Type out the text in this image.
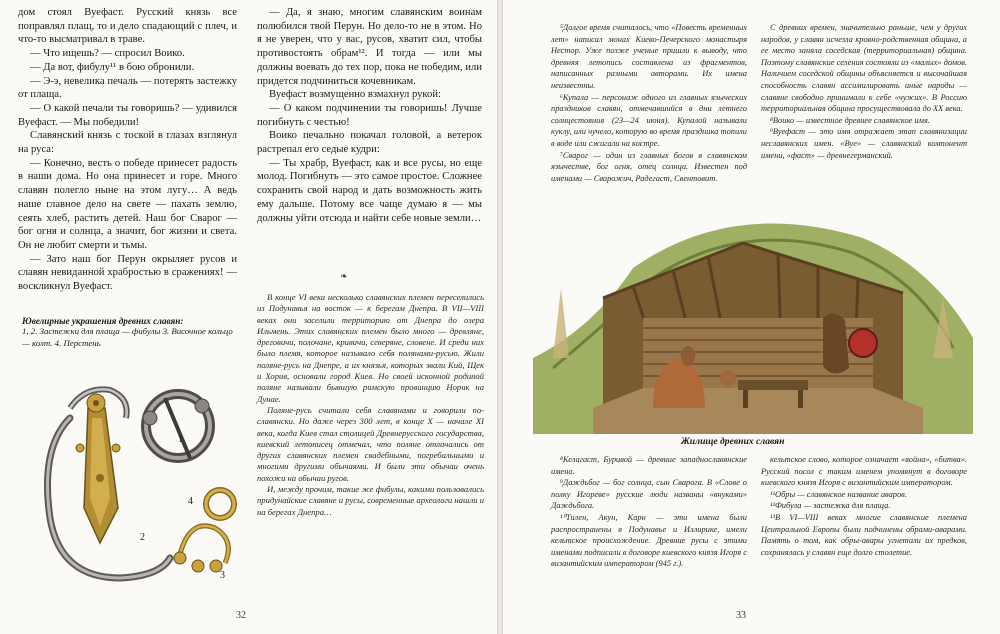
дом стоял Вуефаст. Русский князь все поправлял плащ, то и дело спадающий с плеч, и что-то высматривал в траве.

— Что ищешь? — спросил Воико.

— Да вот, фибулу¹¹ в бою обронили.

— Э-э, невелика печаль — потерять застежку от плаща.

— О какой печали ты говоришь? — удивился Вуефаст. — Мы победили!

Славянский князь с тоской в глазах взглянул на руса:

— Конечно, весть о победе принесет радость в наши дома. Но она принесет и горе. Много славян полегло ныне на этом лугу… А ведь наше главное дело на свете — пахать землю, сеять хлеб, растить детей. Наш бог Сварог — бог огня и солнца, а значит, бог жизни и света. Он не любит смерти и тьмы.

— Зато наш бог Перун окрыляет русов и славян невиданной храбростью в сражениях! — воскликнул Вуефаст.

— Да, я знаю, многим славянским воинам полюбился твой Перун. Но дело-то не в этом. Но я не уверен, что у вас, русов, хватит сил, чтобы противостоять обрам¹². И тогда — или мы должны воевать до тех пор, пока не победим, или придется подчиниться кочевникам.

Вуефаст возмущенно взмахнул рукой:

— О каком подчинении ты говоришь! Лучше погибнуть с честью!

Воико печально покачал головой, а ветерок растрепал его седые кудри:

— Ты храбр, Вуефаст, как и все русы, но еще молод. Погибнуть — это самое простое. Сложнее сохранить свой народ и дать возможность жить ему дальше. Потому все чаще думаю я — мы должны уйти отсюда и найти себе новые земли…

❧
Ювелирные украшения древних славян:
1, 2. Застежки для плаща — фибулы 3. Височное кольцо — колт. 4. Перстень
1
2
3
4

В конце VI века несколько славянских племен переселились из Подунавья на восток — к берегам Днепра. В VII—VIII веках они заселили территорию от Днепра до озера Ильмень. Этих славянских племен было много — древляне, дреговичи, полочане, кривичи, северяне, словене. И среди них было племя, которое называло себя полянами-русью. Жили поляне-русь на Днепре, а их князья, которых звали Кий, Щек и Хорив, основали город Киев. Но своей исконной родиной поляне называли бывшую римскую провинцию Норик на Дунае.

Поляне-русь считали себя славянами и говорили по-славянски. Но даже через 300 лет, в конце X — начале XI века, когда Киев стал столицей Древнерусского государства, киевский летописец отмечал, что поляне отличались от других славянских племен свадебными, погребальными и многими другими обычаями. И были эти обычаи очень похожи на обычаи ругов.

И, между прочим, такие же фибулы, какими пользовались придунайские славяне и русы, современные археологи нашли и на берегах Днепра…

32

⁵Долгое время считалось, что «Повесть временных лет» написал монах Киево-Печерского монастыря Нестор. Уже позже ученые пришли к выводу, что древняя летопись составлена из фрагментов, написанных разными авторами. Их имена неизвестны.

⁶Купала — персонаж одного из главных языческих праздников славян, отмечавшийся в дни летнего солнцестояния (23—24 июня). Купалой называли куклу, или чучело, которую во время праздника топили в воде или сжигали на костре.

⁷Сварог — один из главных богов в славянском язычестве, бог огня, отец солнца. Известен под именами — Сварожич, Радегаст, Свентовит.

С древних времен, значительно раньше, чем у других народов, у славян исчезла кровно-родственная община, а ее место заняла соседская (территориальная) община. Поэтому славянские селения состояли из «малых» домов. Наличием соседской общины объясняется и высочайшая способность славян ассимилировать иные народы — славяне свободно принимали к себе «чужих». В Россию территориальная община просуществовала до XX века.

⁸Воико — известное древнее славянское имя.

⁹Вуефаст — это имя отражает этап славянизации неславянских имен. «Вуе» — славянский компонент имени, «фаст» — древнегерманский.

Жилище древних славян

⁸Келагаст, Буривой — древние западнославянские имена.

⁹Даждьбог — бог солнца, сын Сварога. В «Слове о полку Игореве» русские люди названы «внуками» Даждьбога.

¹⁰Тилен, Акун, Карн — эти имена были распространены в Подунавье и Иллирике, имели кельтское происхождение. Древние русы с этими именами подписали в договоре киевского князя Игоря с византийским императором (945 г.).

кельтское слово, которое означает «война», «битва». Русский посол с таким именем упомянут в договоре киевского князя Игоря с византийским императором.

¹¹Обры — славянское название аваров.

¹²Фибула — застежка для плаща.

¹³В VI—VIII веках многие славянские племена Центральной Европы были подчинены обрами-аварами. Память о том, как обры-авары угнетали их предков, сохранялась у славян еще долго столетие.

33
